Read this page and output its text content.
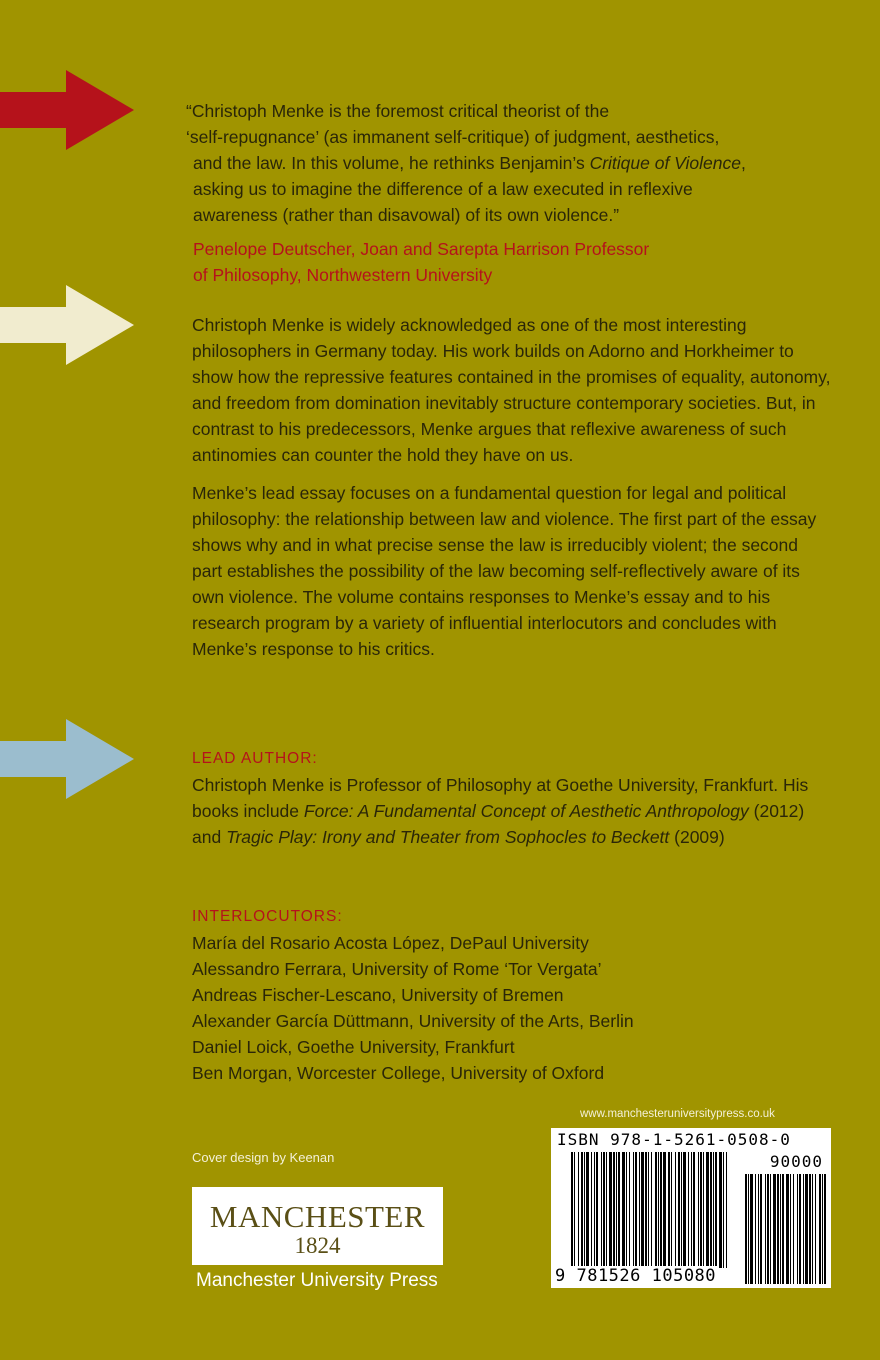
“Christoph Menke is the foremost critical theorist of the

‘self-repugnance’ (as immanent self-critique) of judgment, aesthetics,

and the law. In this volume, he rethinks Benjamin’s Critique of Violence,

asking us to imagine the difference of a law executed in reflexive

awareness (rather than disavowal) of its own violence.”

Penelope Deutscher, Joan and Sarepta Harrison Professor
of Philosophy, Northwestern University

Christoph Menke is widely acknowledged as one of the most interesting philosophers in Germany today. His work builds on Adorno and Horkheimer to show how the repressive features contained in the promises of equality, autonomy, and freedom from domination inevitably structure contemporary societies. But, in contrast to his predecessors, Menke argues that reflexive awareness of such antinomies can counter the hold they have on us.

Menke’s lead essay focuses on a fundamental question for legal and political philosophy: the relationship between law and violence. The first part of the essay shows why and in what precise sense the law is irreducibly violent; the second part establishes the possibility of the law becoming self-reflectively aware of its own violence. The volume contains responses to Menke’s essay and to his research program by a variety of influential interlocutors and concludes with Menke’s response to his critics.

LEAD AUTHOR:
Christoph Menke is Professor of Philosophy at Goethe University, Frankfurt. His books include Force: A Fundamental Concept of Aesthetic Anthropology (2012) and Tragic Play: Irony and Theater from Sophocles to Beckett (2009)
INTERLOCUTORS:
María del Rosario Acosta López, DePaul University
Alessandro Ferrara, University of Rome ‘Tor Vergata’
Andreas Fischer-Lescano, University of Bremen
Alexander García Düttmann, University of the Arts, Berlin
Daniel Loick, Goethe University, Frankfurt
Ben Morgan, Worcester College, University of Oxford
www.manchesteruniversitypress.co.uk
ISBN 978-1-5261-0508-0
90000
9 781526 105080
Cover design by Keenan
MANCHESTER
1824
Manchester University Press
